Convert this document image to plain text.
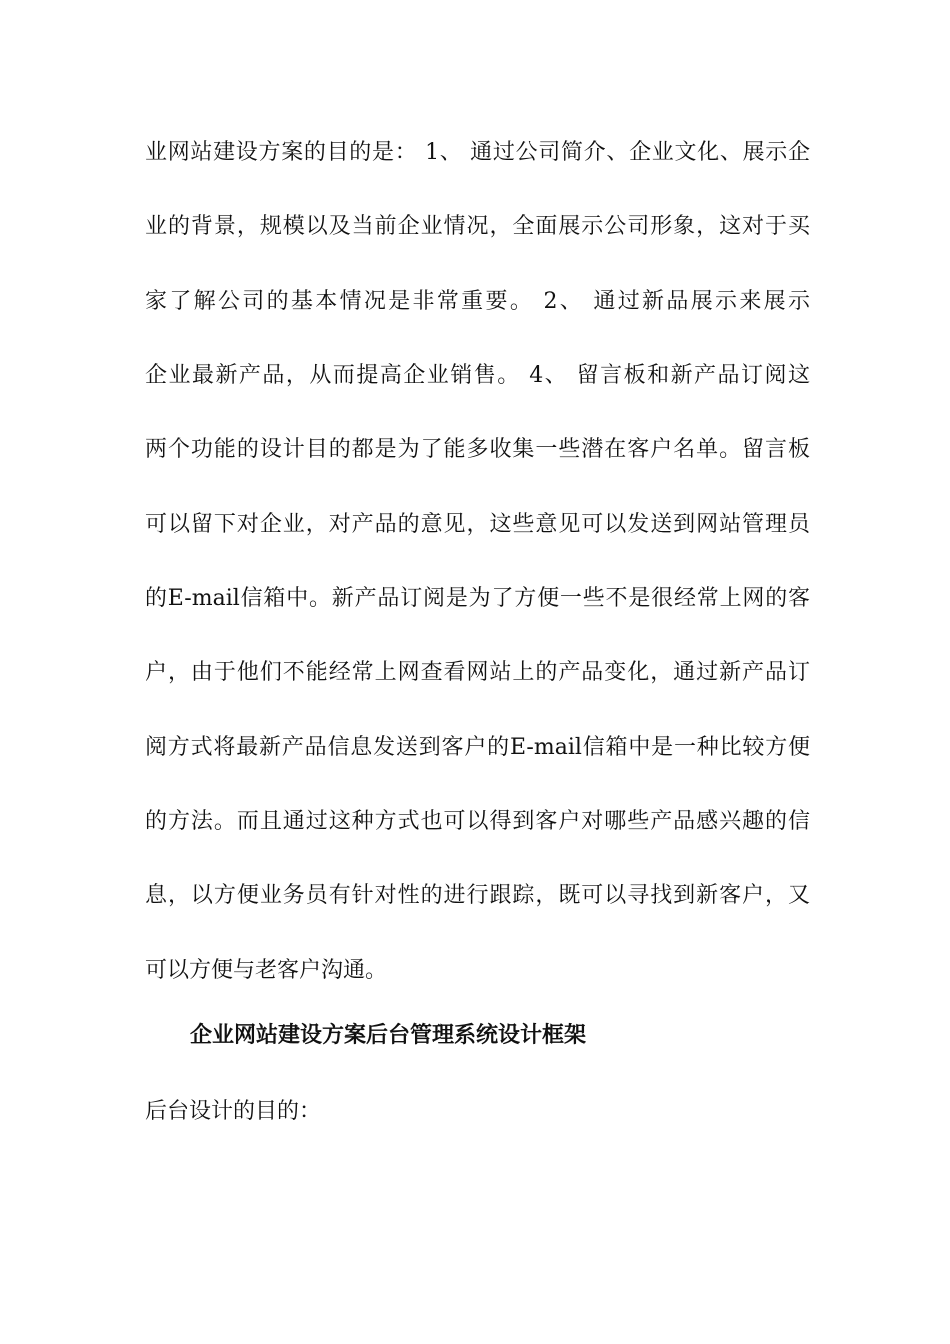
业网站建设方案的目的是： 1、 通过公司简介、企业文化、展示企
业的背景，规模以及当前企业情况，全面展示公司形象，这对于买
家了解公司的基本情况是非常重要。 2、 通过新品展示来展示
企业最新产品，从而提高企业销售。 4、 留言板和新产品订阅这
两个功能的设计目的都是为了能多收集一些潜在客户名单。留言板
可以留下对企业，对产品的意见，这些意见可以发送到网站管理员
的E-mail信箱中。新产品订阅是为了方便一些不是很经常上网的客
户，由于他们不能经常上网查看网站上的产品变化，通过新产品订
阅方式将最新产品信息发送到客户的E-mail信箱中是一种比较方便
的方法。而且通过这种方式也可以得到客户对哪些产品感兴趣的信
息，以方便业务员有针对性的进行跟踪，既可以寻找到新客户，又
可以方便与老客户沟通。
企业网站建设方案后台管理系统设计框架
后台设计的目的：
